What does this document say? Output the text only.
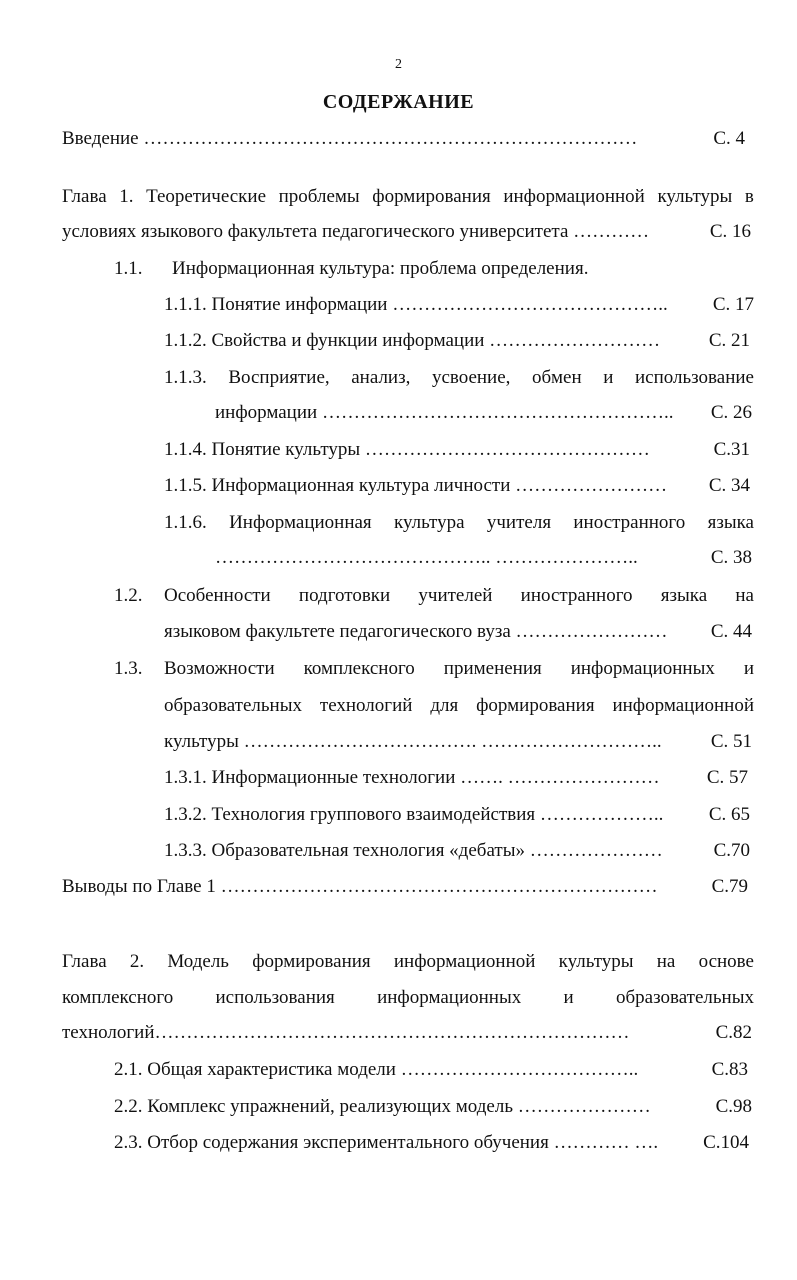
2
СОДЕРЖАНИЕ
Введение ……………………………………………………………………	С. 4
Глава 1. Теоретические проблемы формирования информационной культуры в
условиях языкового факультета педагогического университета …………	С. 16
1.1. Информационная культура: проблема определения.
1.1.1. Понятие информации ……………………………………..	С. 17
1.1.2. Свойства и функции информации ………………………	С. 21
1.1.3. Восприятие, анализ, усвоение, обмен и использование
информации ………………………………………………..	С. 26
1.1.4. Понятие культуры ………………………………………	С.31
1.1.5. Информационная культура личности ……………………	С. 34
1.1.6. Информационная культура учителя иностранного языка
…………………………………….. …………………..	С. 38
1.2. Особенности подготовки учителей иностранного языка на
языковом факультете педагогического вуза ……………………	С. 44
1.3. Возможности комплексного применения информационных и
образовательных технологий для формирования информационной
культуры ………………………………. ………………………..	С. 51
1.3.1. Информационные технологии ……. ……………………	С. 57
1.3.2. Технология группового взаимодействия ………………..	С. 65
1.3.3. Образовательная технология «дебаты» …………………	С.70
Выводы по Главе 1 ……………………………………………………………	С.79
Глава 2. Модель формирования информационной культуры на основе
комплексного использования информационных и образовательных
технологий …………………………………………………………………	С.82
2.1. Общая характеристика модели ………………………………..	С.83
2.2. Комплекс упражнений, реализующих модель …………………	С.98
2.3. Отбор содержания экспериментального обучения ………… ….	С.104
